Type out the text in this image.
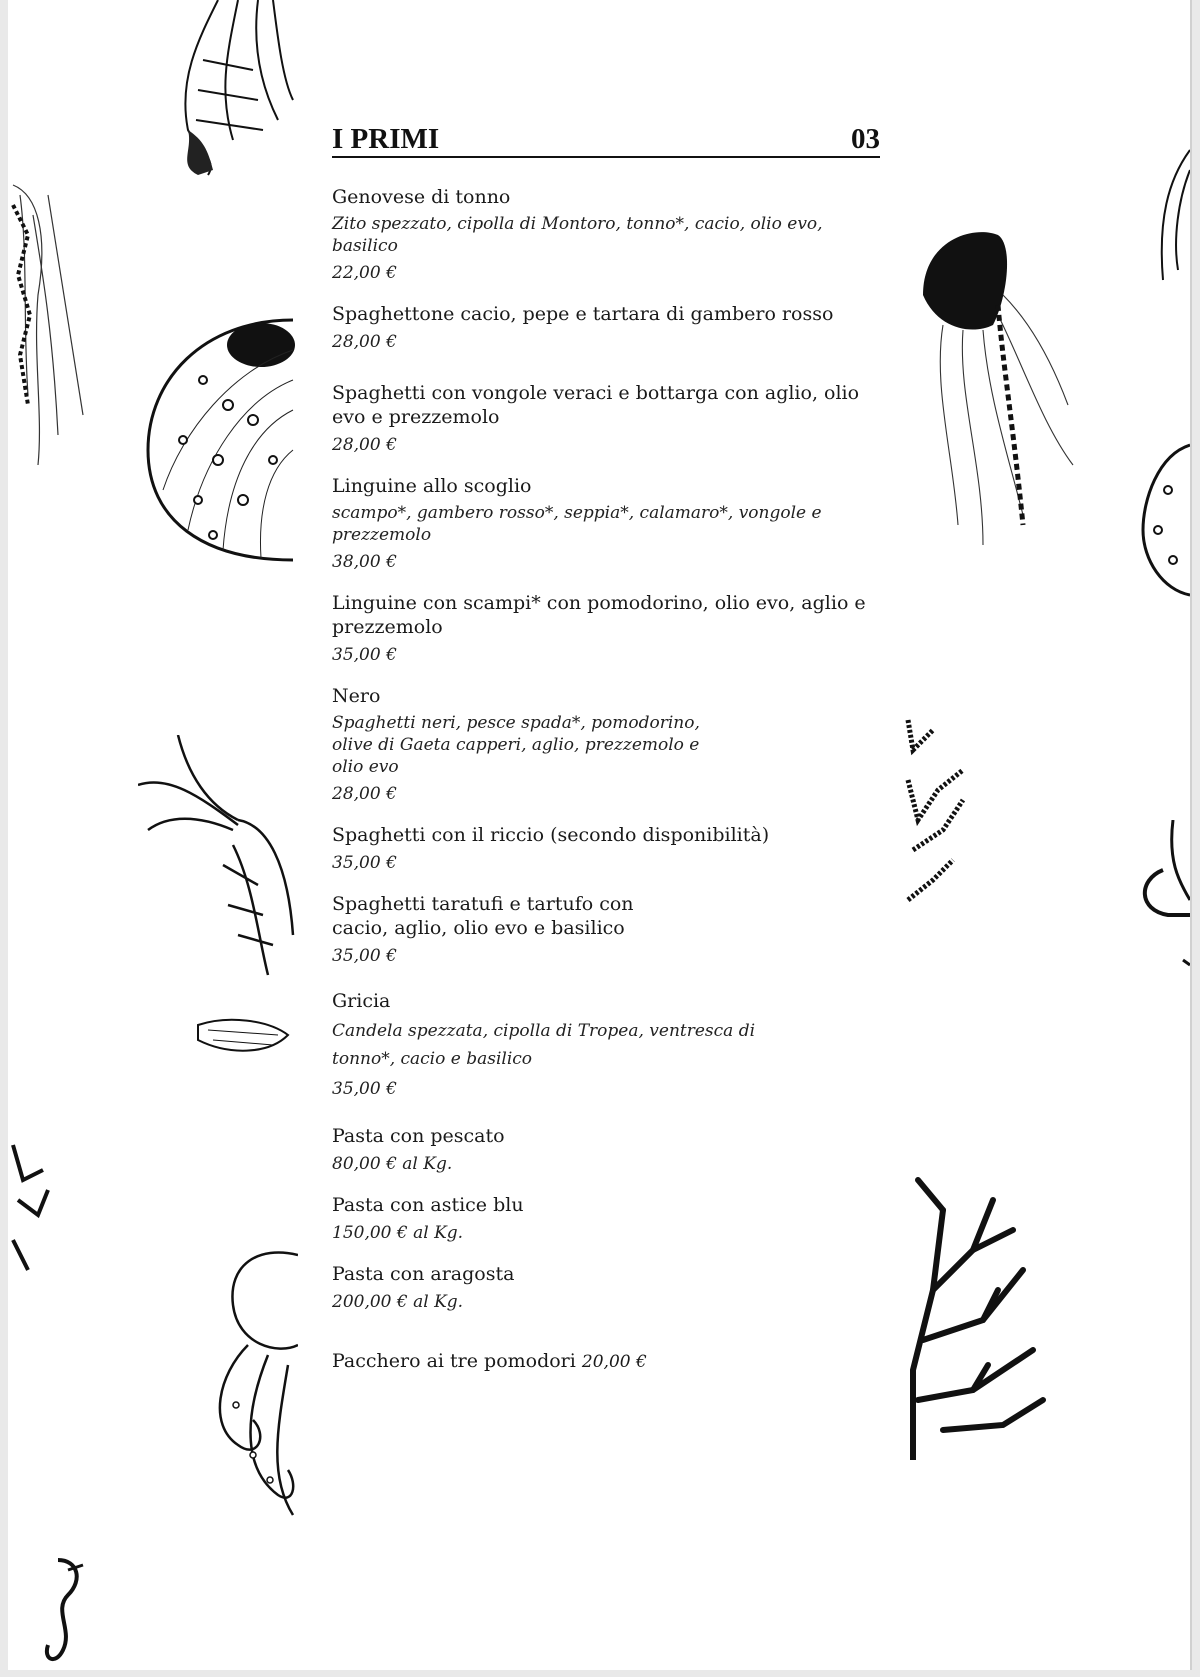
I PRIMI	03
Genovese di tonno
Zito spezzato, cipolla di Montoro, tonno*, cacio, olio evo, basilico
22,00 €
Spaghettone cacio, pepe e tartara di gambero rosso
28,00 €
Spaghetti con vongole veraci e bottarga con aglio, olio evo e prezzemolo
28,00 €
Linguine allo scoglio
scampo*, gambero rosso*, seppia*, calamaro*, vongole e prezzemolo
38,00 €
Linguine con scampi* con pomodorino, olio evo, aglio e prezzemolo
35,00 €
Nero
Spaghetti neri, pesce spada*, pomodorino, olive di Gaeta capperi, aglio, prezzemolo e olio evo
28,00 €
Spaghetti con il riccio (secondo disponibilità)
35,00 €
Spaghetti taratufi e tartufo con cacio, aglio, olio evo e basilico
35,00 €
Gricia
Candela spezzata, cipolla di Tropea, ventresca di tonno*, cacio e basilico
35,00 €
Pasta con pescato
80,00 € al Kg.
Pasta con astice blu
150,00 € al Kg.
Pasta con aragosta
200,00 € al Kg.
Pacchero ai tre pomodori 20,00 €
